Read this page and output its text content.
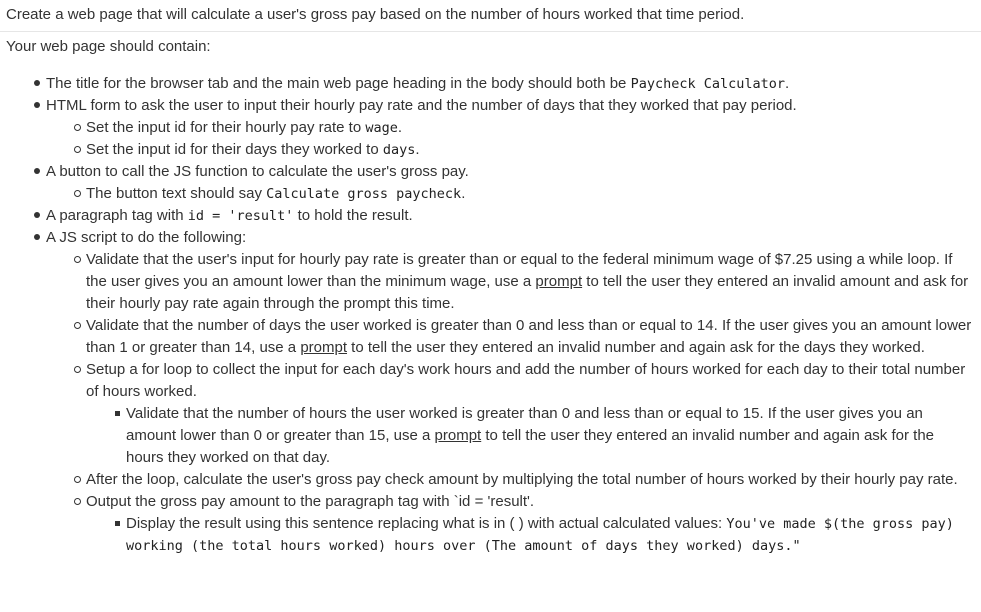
Create a web page that will calculate a user's gross pay based on the number of hours worked that time period.

Your web page should contain:

The title for the browser tab and the main web page heading in the body should both be Paycheck Calculator.
HTML form to ask the user to input their hourly pay rate and the number of days that they worked that pay period.
Set the input id for their hourly pay rate to wage.
Set the input id for their days they worked to days.
A button to call the JS function to calculate the user's gross pay.
The button text should say Calculate gross paycheck.
A paragraph tag with id = 'result' to hold the result.
A JS script to do the following:
Validate that the user's input for hourly pay rate is greater than or equal to the federal minimum wage of $7.25 using a while loop. If the user gives you an amount lower than the minimum wage, use a prompt to tell the user they entered an invalid amount and ask for their hourly pay rate again through the prompt this time.
Validate that the number of days the user worked is greater than 0 and less than or equal to 14. If the user gives you an amount lower than 1 or greater than 14, use a prompt to tell the user they entered an invalid number and again ask for the days they worked.
Setup a for loop to collect the input for each day's work hours and add the number of hours worked for each day to their total number of hours worked.
Validate that the number of hours the user worked is greater than 0 and less than or equal to 15. If the user gives you an amount lower than 0 or greater than 15, use a prompt to tell the user they entered an invalid number and again ask for the hours they worked on that day.
After the loop, calculate the user's gross pay check amount by multiplying the total number of hours worked by their hourly pay rate.
Output the gross pay amount to the paragraph tag with `id = 'result'.
Display the result using this sentence replacing what is in ( ) with actual calculated values: You've made $(the gross pay) working (the total hours worked) hours over (The amount of days they worked) days."
